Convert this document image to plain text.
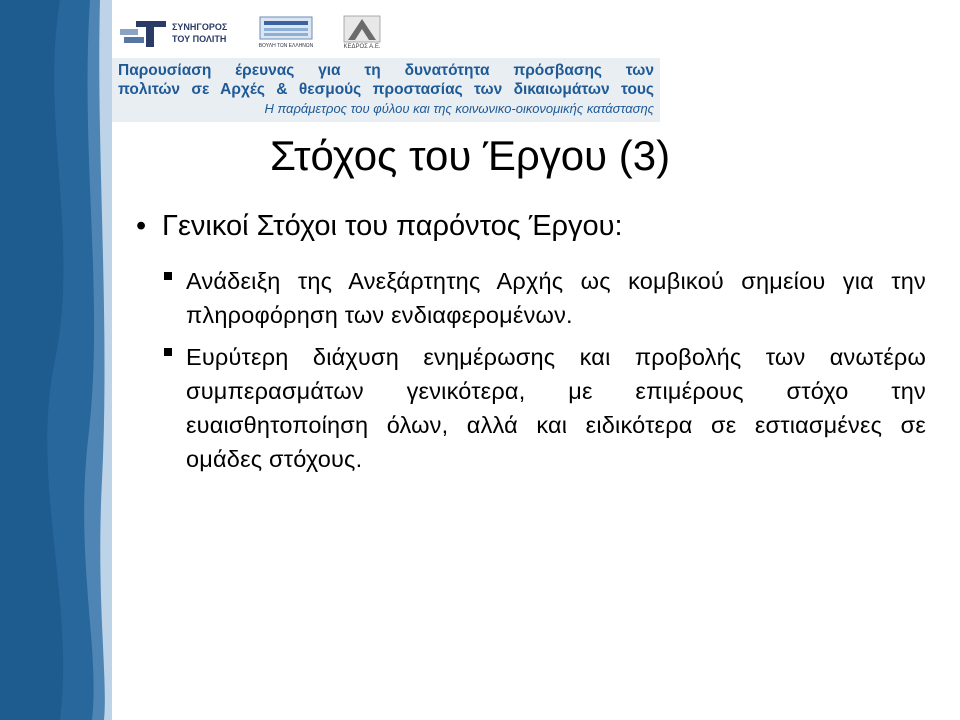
ΣΥΝΗΓΟΡΟΣ
ΤΟΥ ΠΟΛΙΤΗ
ΒΟΥΛΗ ΤΩΝ ΕΛΛΗΝΩΝ	ΚΕΔΡΟΣ Α.Ε.
Παρουσίαση έρευνας για τη δυνατότητα πρόσβασης των
πολιτών σε Αρχές & θεσμούς προστασίας των δικαιωμάτων τους
Η παράμετρος του φύλου και της κοινωνικο-οικονομικής κατάστασης
Στόχος του Έργου (3)
• Γενικοί Στόχοι του παρόντος Έργου:
Ανάδειξη της Ανεξάρτητης Αρχής ως κομβικού σημείου για την πληροφόρηση των ενδιαφερομένων.
Ευρύτερη διάχυση ενημέρωσης και προβολής των ανωτέρω συμπερασμάτων γενικότερα, με επιμέρους στόχο την ευαισθητοποίηση όλων, αλλά και ειδικότερα σε εστιασμένες σε ομάδες στόχους.
